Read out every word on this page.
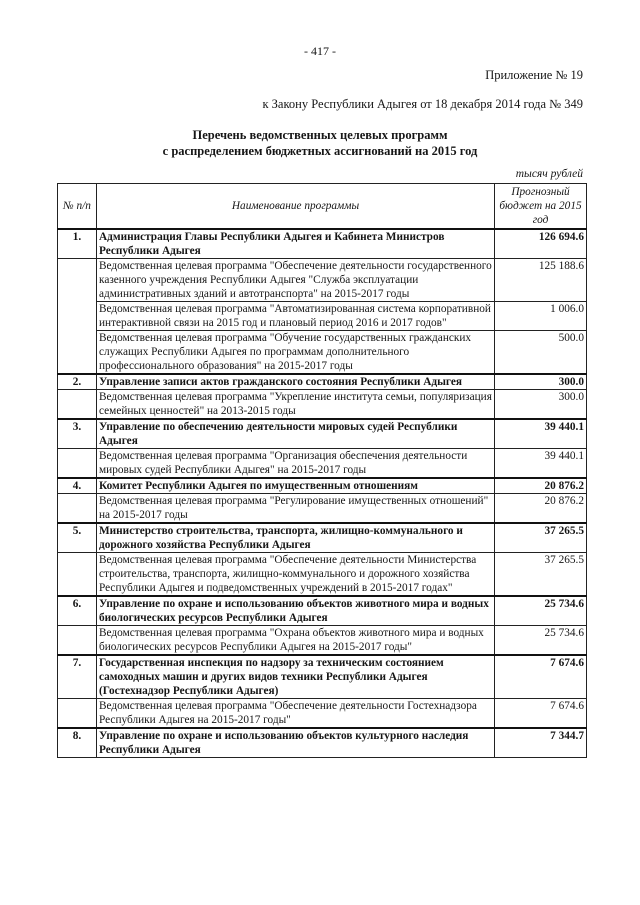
- 417 -
Приложение № 19
к Закону Республики Адыгея от 18 декабря 2014 года № 349
Перечень ведомственных целевых программ
с распределением бюджетных ассигнований на 2015 год
тысяч рублей
№ п/п	Наименование программы	Прогнозный бюджет на 2015 год
1.	Администрация Главы Республики Адыгея и Кабинета Министров Республики Адыгея	126 694.6
	Ведомственная целевая программа "Обеспечение деятельности государственного казенного учреждения Республики Адыгея "Служба эксплуатации административных зданий и автотранспорта" на 2015-2017 годы	125 188.6
	Ведомственная целевая программа "Автоматизированная система корпоративной интерактивной связи на 2015 год и плановый период 2016 и 2017 годов"	1 006.0
	Ведомственная целевая программа "Обучение государственных гражданских служащих Республики Адыгея по программам дополнительного профессионального образования" на 2015-2017 годы	500.0
2.	Управление записи актов гражданского состояния Республики Адыгея	300.0
	Ведомственная целевая программа "Укрепление института семьи, популяризация семейных ценностей" на 2013-2015 годы	300.0
3.	Управление по обеспечению деятельности мировых судей Республики Адыгея	39 440.1
	Ведомственная целевая программа "Организация обеспечения деятельности мировых судей Республики Адыгея" на 2015-2017 годы	39 440.1
4.	Комитет Республики Адыгея по имущественным отношениям	20 876.2
	Ведомственная целевая программа "Регулирование имущественных отношений" на 2015-2017 годы	20 876.2
5.	Министерство строительства, транспорта, жилищно-коммунального и дорожного хозяйства Республики Адыгея	37 265.5
	Ведомственная целевая программа "Обеспечение деятельности Министерства строительства, транспорта, жилищно-коммунального и дорожного хозяйства Республики Адыгея и подведомственных учреждений в 2015-2017 годах"	37 265.5
6.	Управление по охране и использованию объектов животного мира и водных биологических ресурсов Республики Адыгея	25 734.6
	Ведомственная целевая программа "Охрана объектов животного мира и водных биологических ресурсов Республики Адыгея на 2015-2017 годы"	25 734.6
7.	Государственная инспекция по надзору за техническим состоянием самоходных машин и других видов техники Республики Адыгея (Гостехнадзор Республики Адыгея)	7 674.6
	Ведомственная целевая программа "Обеспечение деятельности Гостехнадзора Республики Адыгея на 2015-2017 годы"	7 674.6
8.	Управление по охране и использованию объектов культурного наследия Республики Адыгея	7 344.7
